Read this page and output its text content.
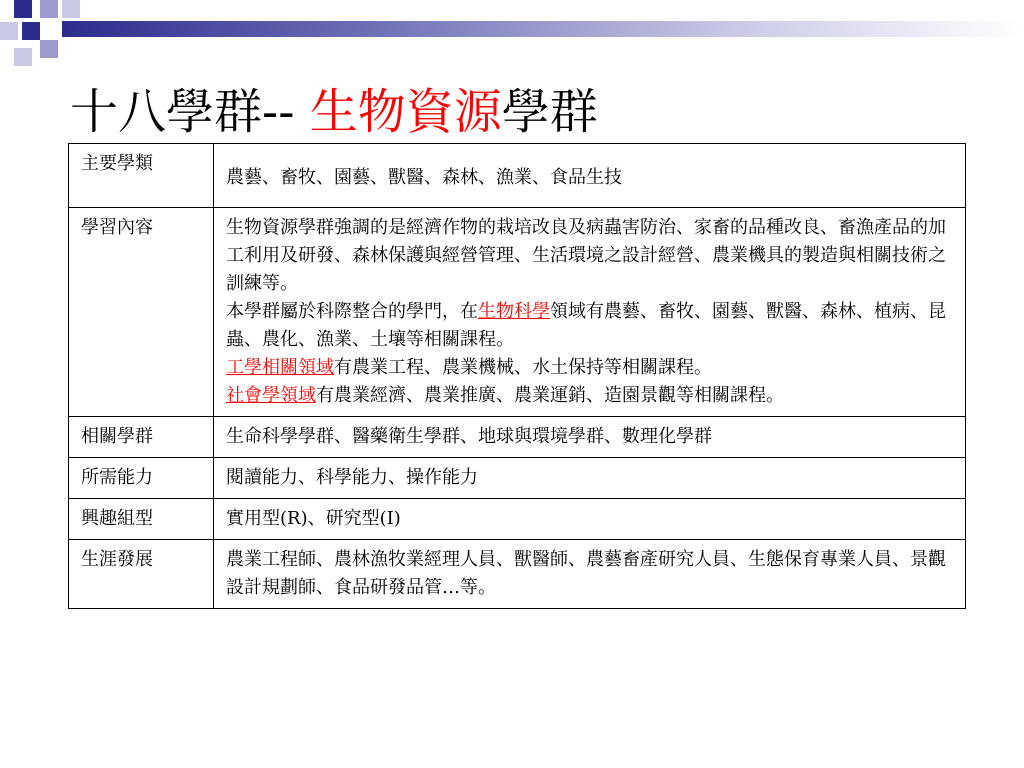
十八學群-- 生物資源學群
主要學類	農藝、畜牧、園藝、獸醫、森林、漁業、食品生技
學習內容	生物資源學群強調的是經濟作物的栽培改良及病蟲害防治、家畜的品種改良、畜漁產品的加工利用及研發、森林保護與經營管理、生活環境之設計經營、農業機具的製造與相關技術之訓練等。
本學群屬於科際整合的學門，在生物科學領域有農藝、畜牧、園藝、獸醫、森林、植病、昆蟲、農化、漁業、土壤等相關課程。
工學相關領域有農業工程、農業機械、水土保持等相關課程。
社會學領域有農業經濟、農業推廣、農業運銷、造園景觀等相關課程。

相關學群	生命科學學群、醫藥衛生學群、地球與環境學群、數理化學群
所需能力	閱讀能力、科學能力、操作能力
興趣組型	實用型(R)、研究型(I)
生涯發展	農業工程師、農林漁牧業經理人員、獸醫師、農藝畜產研究人員、生態保育專業人員、景觀設計規劃師、食品研發品管…等。
